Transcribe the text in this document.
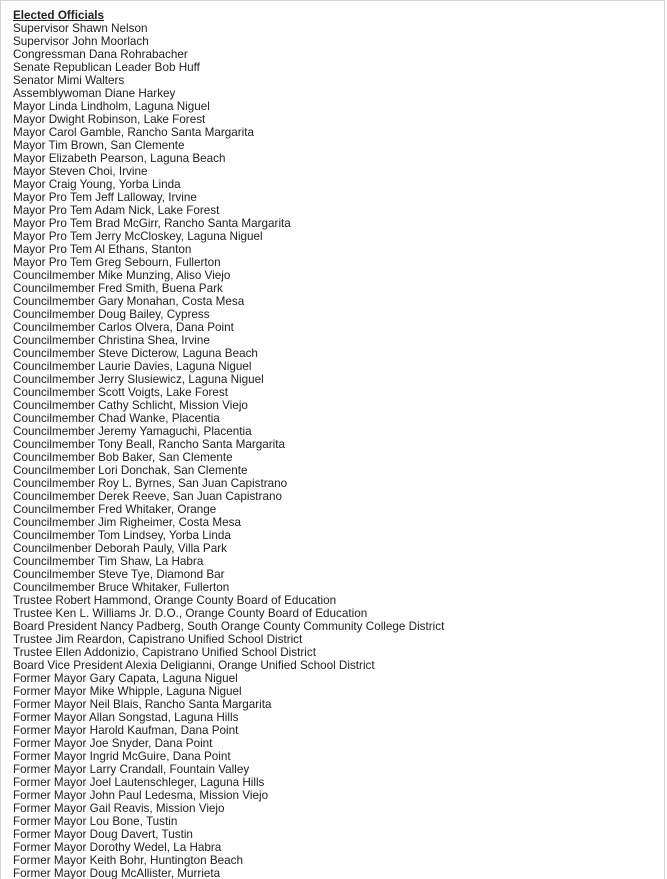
Elected Officials
Supervisor Shawn Nelson
Supervisor John Moorlach
Congressman Dana Rohrabacher
Senate Republican Leader Bob Huff
Senator Mimi Walters
Assemblywoman Diane Harkey
Mayor Linda Lindholm, Laguna Niguel
Mayor Dwight Robinson, Lake Forest
Mayor Carol Gamble, Rancho Santa Margarita
Mayor Tim Brown, San Clemente
Mayor Elizabeth Pearson, Laguna Beach
Mayor Steven Choi, Irvine
Mayor Craig Young, Yorba Linda
Mayor Pro Tem Jeff Lalloway, Irvine
Mayor Pro Tem Adam Nick, Lake Forest
Mayor Pro Tem Brad McGirr, Rancho Santa Margarita
Mayor Pro Tem Jerry McCloskey, Laguna Niguel
Mayor Pro Tem Al Ethans, Stanton
Mayor Pro Tem Greg Sebourn, Fullerton
Councilmember Mike Munzing, Aliso Viejo
Councilmember Fred Smith, Buena Park
Councilmember Gary Monahan, Costa Mesa
Councilmember Doug Bailey, Cypress
Councilmember Carlos Olvera, Dana Point
Councilmember Christina Shea, Irvine
Councilmember Steve Dicterow, Laguna Beach
Councilmember Laurie Davies, Laguna Niguel
Councilmember Jerry Slusiewicz, Laguna Niguel
Councilmember Scott Voigts, Lake Forest
Councilmember Cathy Schlicht, Mission Viejo
Councilmember Chad Wanke, Placentia
Councilmember Jeremy Yamaguchi, Placentia
Councilmember Tony Beall, Rancho Santa Margarita
Councilmember Bob Baker, San Clemente
Councilmember Lori Donchak, San Clemente
Councilmember Roy L. Byrnes, San Juan Capistrano
Councilmember Derek Reeve, San Juan Capistrano
Councilmember Fred Whitaker, Orange
Councilmember Jim Righeimer, Costa Mesa
Councilmember Tom Lindsey, Yorba Linda
Councilmenber Deborah Pauly, Villa Park
Councilmember Tim Shaw, La Habra
Councilmember Steve Tye, Diamond Bar
Councilmember Bruce Whitaker, Fullerton
Trustee Robert Hammond, Orange County Board of Education
Trustee Ken L. Williams Jr. D.O., Orange County Board of Education
Board President Nancy Padberg, South Orange County Community College District
Trustee Jim Reardon, Capistrano Unified School District
Trustee Ellen Addonizio, Capistrano Unified School District
Board Vice President Alexia Deligianni, Orange Unified School District
Former Mayor Gary Capata, Laguna Niguel
Former Mayor Mike Whipple, Laguna Niguel
Former Mayor Neil Blais, Rancho Santa Margarita
Former Mayor Allan Songstad, Laguna Hills
Former Mayor Harold Kaufman, Dana Point
Former Mayor Joe Snyder, Dana Point
Former Mayor Ingrid McGuire, Dana Point
Former Mayor Larry Crandall, Fountain Valley
Former Mayor Joel Lautenschleger, Laguna Hills
Former Mayor John Paul Ledesma, Mission Viejo
Former Mayor Gail Reavis, Mission Viejo
Former Mayor Lou Bone, Tustin
Former Mayor Doug Davert, Tustin
Former Mayor Dorothy Wedel, La Habra
Former Mayor Keith Bohr, Huntington Beach
Former Mayor Doug McAllister, Murrieta
